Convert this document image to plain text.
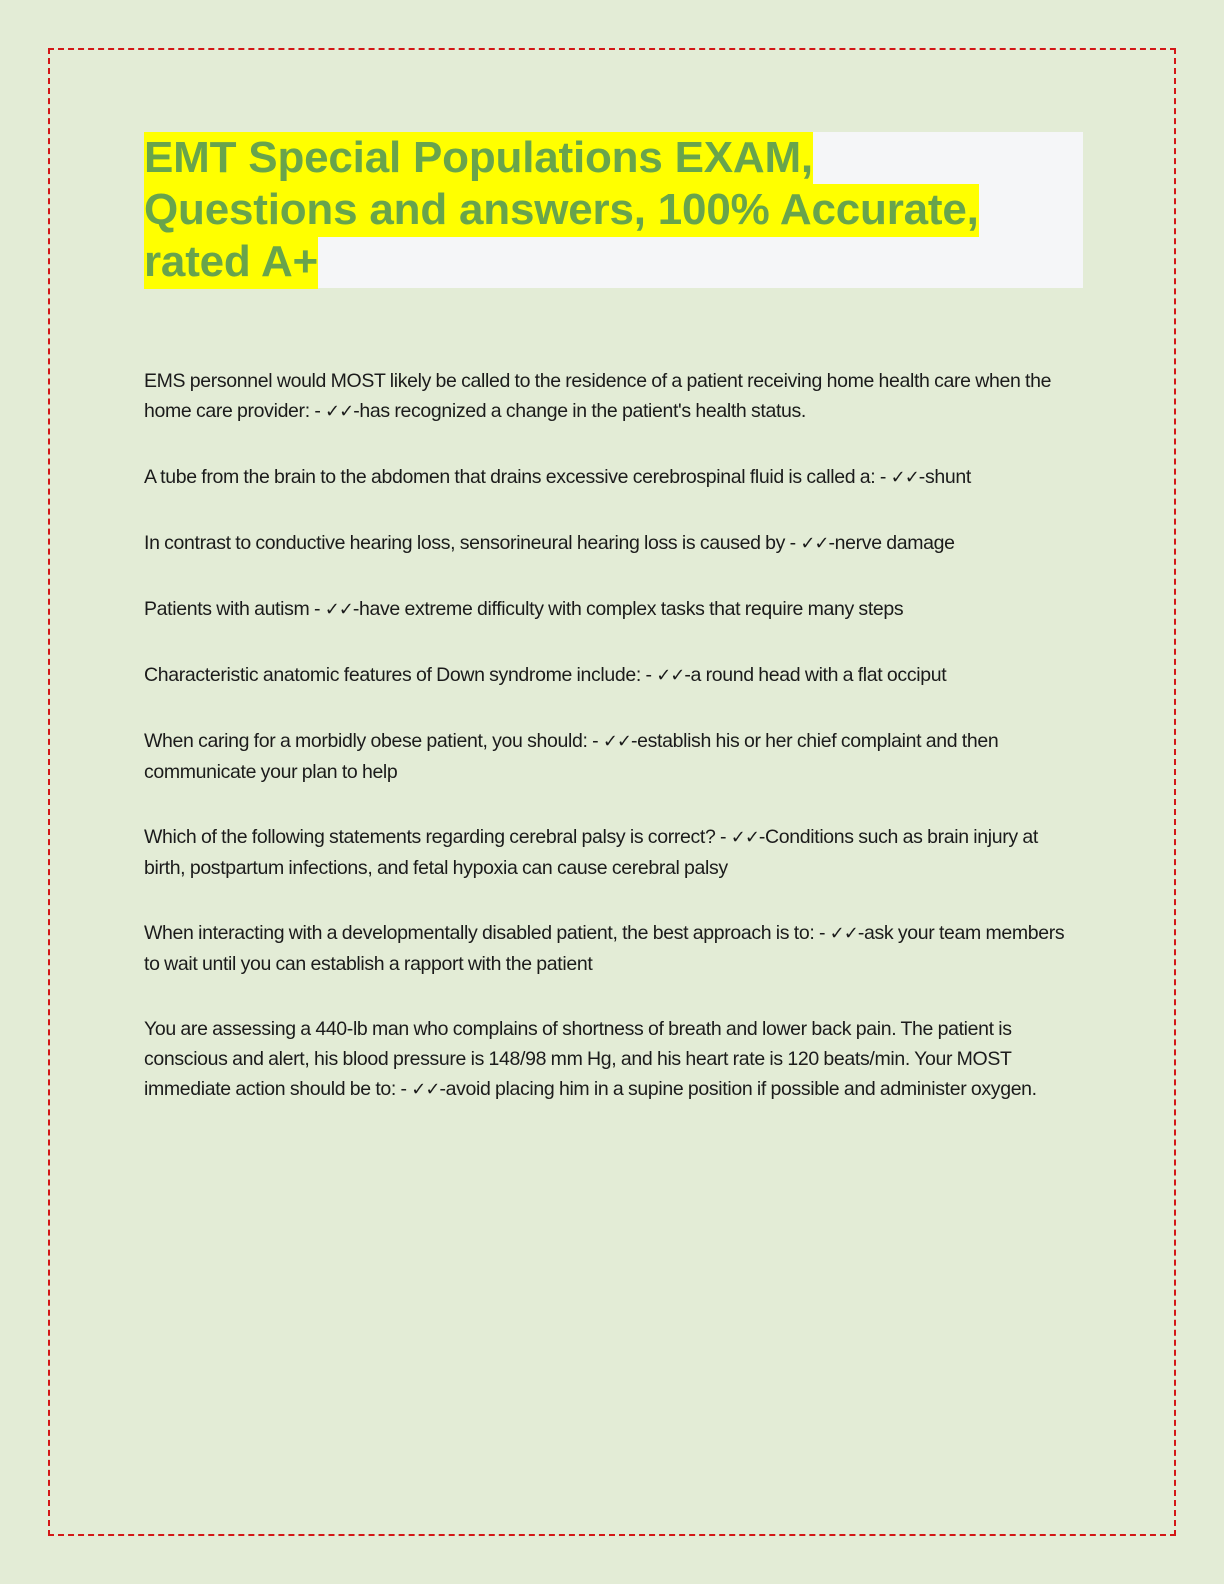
EMT Special Populations EXAM,
Questions and answers, 100% Accurate,
rated A+
EMS personnel would MOST likely be called to the residence of a patient receiving home health care when the home care provider: - ✓✓-has recognized a change in the patient's health status.
A tube from the brain to the abdomen that drains excessive cerebrospinal fluid is called a: - ✓✓-shunt
In contrast to conductive hearing loss, sensorineural hearing loss is caused by - ✓✓-nerve damage
Patients with autism - ✓✓-have extreme difficulty with complex tasks that require many steps
Characteristic anatomic features of Down syndrome include: - ✓✓-a round head with a flat occiput
When caring for a morbidly obese patient, you should: - ✓✓-establish his or her chief complaint and then communicate your plan to help
Which of the following statements regarding cerebral palsy is correct? - ✓✓-Conditions such as brain injury at birth, postpartum infections, and fetal hypoxia can cause cerebral palsy
When interacting with a developmentally disabled patient, the best approach is to: - ✓✓-ask your team members to wait until you can establish a rapport with the patient
You are assessing a 440-lb man who complains of shortness of breath and lower back pain. The patient is conscious and alert, his blood pressure is 148/98 mm Hg, and his heart rate is 120 beats/min. Your MOST immediate action should be to: - ✓✓-avoid placing him in a supine position if possible and administer oxygen.
